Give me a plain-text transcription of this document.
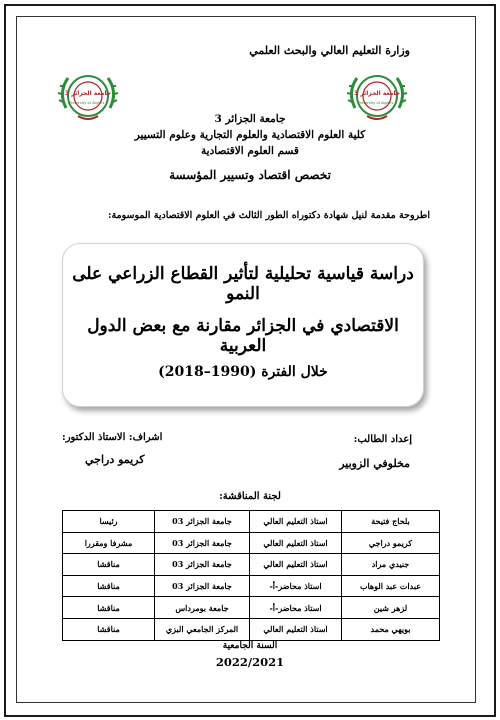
وزارة التعليم العالي والبحث العلمي
جامعة الجزائر 3
University of Algiers 3
جامعة الجزائر 3
University of Algiers 3
جامعة الجزائر 3
كلية العلوم الاقتصادية والعلوم التجارية وعلوم التسيير
قسم العلوم الاقتصادية
تخصص اقتصاد وتسيير المؤسسة
اطروحة مقدمة لنيل شهادة دكتوراه الطور الثالث في العلوم الاقتصادية الموسومة:
دراسة قياسية تحليلية لتأثير القطاع الزراعي على النمو
الاقتصادي في الجزائر مقارنة مع بعض الدول العربية
خلال الفترة (1990–2018)
إعداد الطالب:
مخلوفي الزوبير
اشراف: الاستاذ الدكتور:
كريمو دراجي
لجنة المناقشة:
بلحاج فتيحة	استاذ التعليم العالي	جامعة الجزائر 03	رئيسا
كريمو دراجي	استاذ التعليم العالي	جامعة الجزائر 03	مشرفا ومقررا
جنيدي مراد	استاذ التعليم العالي	جامعة الجزائر 03	مناقشا
عبدات عبد الوهاب	استاذ محاضر-أ-	جامعة الجزائر 03	مناقشا
لزهر شين	استاذ محاضر-أ-	جامعة بومرداس	مناقشا
بويهي محمد	استاذ التعليم العالي	المركز الجامعي البزي	مناقشا
السنة الجامعية
2022/2021
